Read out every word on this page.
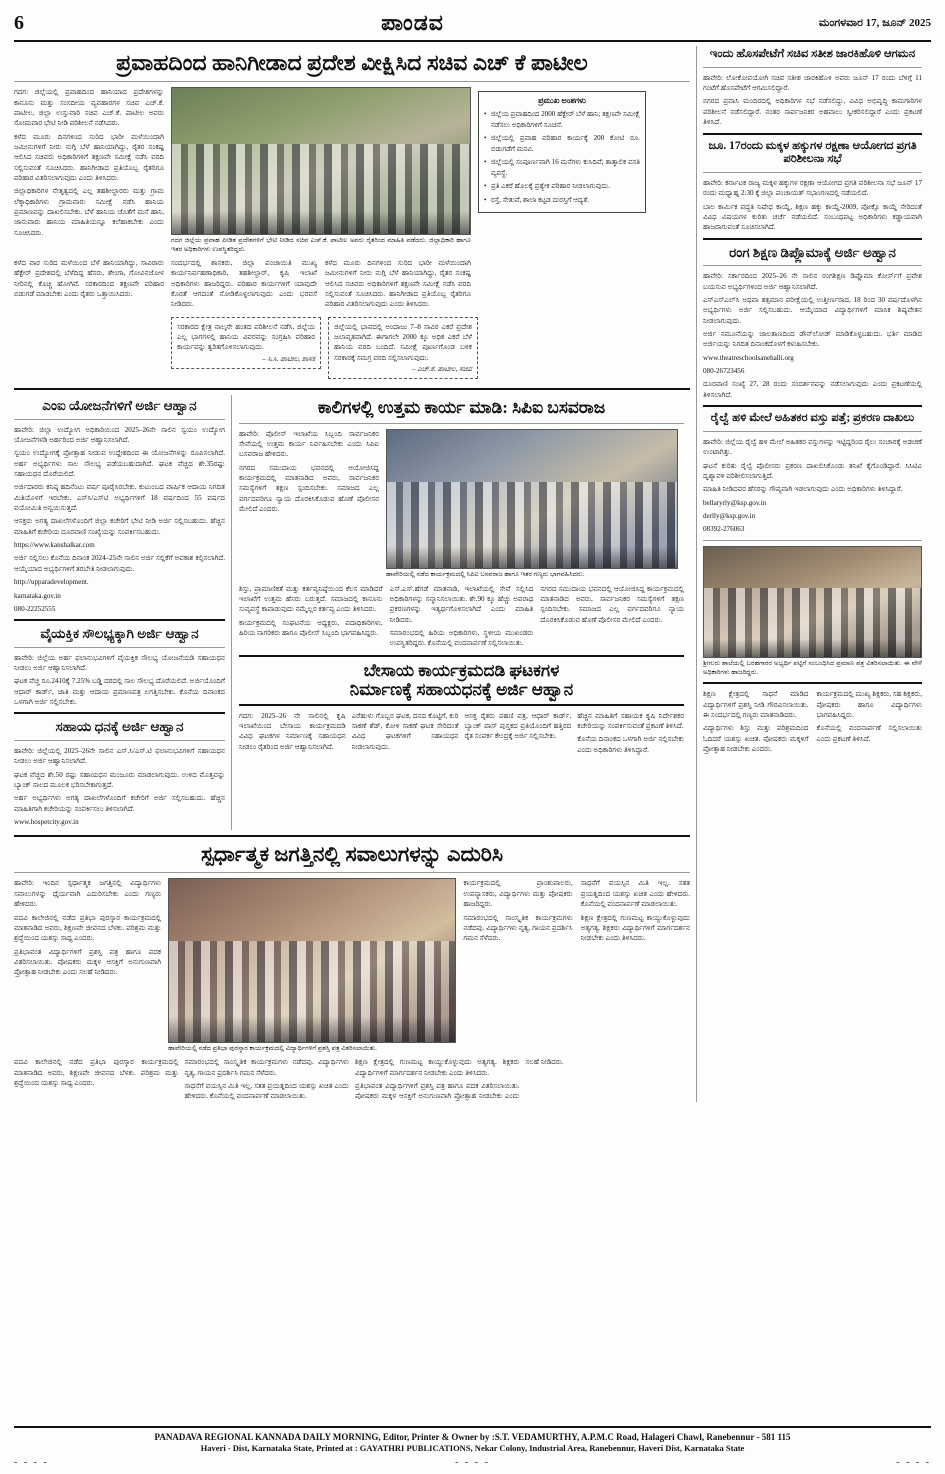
6	ಪಾಂಡವ	ಮಂಗಳವಾರ 17, ಜೂನ್ 2025
ಪ್ರವಾಹದಿಂದ ಹಾನಿಗೀಡಾದ ಪ್ರದೇಶ ವೀಕ್ಷಿಸಿದ ಸಚಿವ ಎಚ್ ಕೆ ಪಾಟೀಲ

ಗದಗ: ಜಿಲ್ಲೆಯಲ್ಲಿ ಪ್ರವಾಹದಿಂದ ಹಾನಿಯಾದ ಪ್ರದೇಶಗಳನ್ನು ಕಾನೂನು ಮತ್ತು ಸಂಸದೀಯ ವ್ಯವಹಾರಗಳ ಸಚಿವ ಎಚ್.ಕೆ. ಪಾಟೀಲ, ಜಿಲ್ಲಾ ಉಸ್ತುವಾರಿ ಸಚಿವ ಎಚ್.ಕೆ. ಪಾಟೀಲ ಅವರು ಸೋಮವಾರ ಭೇಟಿ ನೀಡಿ ಪರಿಶೀಲನೆ ನಡೆಸಿದರು.

ಕಳೆದ ಮೂರು ದಿನಗಳಿಂದ ಸುರಿದ ಭಾರೀ ಮಳೆಯಿಂದಾಗಿ ಜಮೀನುಗಳಿಗೆ ನೀರು ನುಗ್ಗಿ ಬೆಳೆ ಹಾನಿಯಾಗಿದ್ದು, ರೈತರ ಸಂಕಷ್ಟ ಆಲಿಸಿದ ಸಚಿವರು ಅಧಿಕಾರಿಗಳಿಗೆ ತಕ್ಷಣವೇ ಸಮೀಕ್ಷೆ ನಡೆಸಿ ವರದಿ ಸಲ್ಲಿಸುವಂತೆ ಸೂಚಿಸಿದರು. ಹಾನಿಗೀಡಾದ ಪ್ರತಿಯೊಬ್ಬ ರೈತರಿಗೂ ಪರಿಹಾರ ವಿತರಿಸಲಾಗುವುದು ಎಂದು ತಿಳಿಸಿದರು.

ಜಿಲ್ಲಾಧಿಕಾರಿಗಳ ನೇತೃತ್ವದಲ್ಲಿ ಎಲ್ಲ ತಹಶೀಲ್ದಾರರು ಮತ್ತು ಗ್ರಾಮ ಲೆಕ್ಕಾಧಿಕಾರಿಗಳು ಗ್ರಾಮವಾರು ಸಮೀಕ್ಷೆ ನಡೆಸಿ ಹಾನಿಯ ಪ್ರಮಾಣವನ್ನು ದಾಖಲಿಸಬೇಕು. ಬೆಳೆ ಹಾನಿಯ ಜೊತೆಗೆ ಮನೆ ಹಾನಿ, ಜಾನುವಾರು ಹಾನಿಯ ಮಾಹಿತಿಯನ್ನೂ ಕಲೆಹಾಕಬೇಕು ಎಂದು ಸೂಚಿಸಿದರು.

ಗದಗ ಜಿಲ್ಲೆಯ ಪ್ರವಾಹ ಪೀಡಿತ ಪ್ರದೇಶಗಳಿಗೆ ಭೇಟಿ ನೀಡಿದ ಸಚಿವ ಎಚ್.ಕೆ. ಪಾಟೀಲ ಅವರು ರೈತರಿಂದ ಮಾಹಿತಿ ಪಡೆದರು. ಜಿಲ್ಲಾಧಿಕಾರಿ ಹಾಗೂ ಇತರ ಅಧಿಕಾರಿಗಳು ಉಪಸ್ಥಿತರಿದ್ದರು.
ಪ್ರಮುಖ ಅಂಶಗಳು
• ಜಿಲ್ಲೆಯ ಪ್ರವಾಹದಿಂದ 2000 ಹೆಕ್ಟೇರ್ ಬೆಳೆ ಹಾನಿ; ತಕ್ಷಣವೇ ಸಮೀಕ್ಷೆ ನಡೆಸಲು ಅಧಿಕಾರಿಗಳಿಗೆ ಸೂಚನೆ.
• ಜಿಲ್ಲೆಯಲ್ಲಿ ಪ್ರವಾಹ ಪರಿಹಾರ ಕಾರ್ಯಕ್ಕೆ 200 ಕೋಟಿ ರೂ. ಬಿಡುಗಡೆಗೆ ಮನವಿ.
• ಜಿಲ್ಲೆಯಲ್ಲಿ ಸಂಪೂರ್ಣವಾಗಿ 16 ಮನೆಗಳು ಕುಸಿದಿವೆ; ತಾತ್ಕಾಲಿಕ ವಸತಿ ವ್ಯವಸ್ಥೆ.
• ಪ್ರತಿ ಎಕರೆ ಹೊಲಕ್ಕೆ ಪ್ರತ್ಯೇಕ ಪರಿಹಾರ ನೀಡಲಾಗುವುದು.
• ರಸ್ತೆ, ಸೇತುವೆ, ಶಾಲಾ ಕಟ್ಟಡ ದುರಸ್ತಿಗೆ ಆದ್ಯತೆ.

ಕಳೆದ ವಾರ ಸುರಿದ ಮಳೆಯಿಂದ ಬೆಳೆ ಹಾನಿಯಾಗಿದ್ದು, ಸಾವಿರಾರು ಹೆಕ್ಟೇರ್ ಪ್ರದೇಶದಲ್ಲಿ ಬೆಳೆದಿದ್ದ ಹೆಸರು, ಶೇಂಗಾ, ಗೋವಿನಜೋಳ ನೀರಿನಲ್ಲಿ ಕೊಚ್ಚಿ ಹೋಗಿವೆ. ಸರಕಾರದಿಂದ ತಕ್ಷಣವೇ ಪರಿಹಾರ ಬಿಡುಗಡೆ ಮಾಡಬೇಕು ಎಂದು ರೈತರು ಒತ್ತಾಯಿಸಿದರು.

ಸಂದರ್ಭದಲ್ಲಿ ಶಾಸಕರು, ಜಿಲ್ಲಾ ಪಂಚಾಯಿತಿ ಮುಖ್ಯ ಕಾರ್ಯನಿರ್ವಹಣಾಧಿಕಾರಿ, ತಹಶೀಲ್ದಾರ್, ಕೃಷಿ ಇಲಾಖೆ ಅಧಿಕಾರಿಗಳು ಹಾಜರಿದ್ದರು. ಪರಿಹಾರ ಕಾರ್ಯಗಳಿಗೆ ಯಾವುದೇ ಕೊರತೆ ಆಗದಂತೆ ನೋಡಿಕೊಳ್ಳಲಾಗುವುದು ಎಂದು ಭರವಸೆ ನೀಡಿದರು.

ಕಳೆದ ಮೂರು ದಿನಗಳಿಂದ ಸುರಿದ ಭಾರೀ ಮಳೆಯಿಂದಾಗಿ ಜಮೀನುಗಳಿಗೆ ನೀರು ನುಗ್ಗಿ ಬೆಳೆ ಹಾನಿಯಾಗಿದ್ದು, ರೈತರ ಸಂಕಷ್ಟ ಆಲಿಸಿದ ಸಚಿವರು ಅಧಿಕಾರಿಗಳಿಗೆ ತಕ್ಷಣವೇ ಸಮೀಕ್ಷೆ ನಡೆಸಿ ವರದಿ ಸಲ್ಲಿಸುವಂತೆ ಸೂಚಿಸಿದರು. ಹಾನಿಗೀಡಾದ ಪ್ರತಿಯೊಬ್ಬ ರೈತರಿಗೂ ಪರಿಹಾರ ವಿತರಿಸಲಾಗುವುದು ಎಂದು ತಿಳಿಸಿದರು.

ಸರಕಾರದ ಕ್ಷೇತ್ರ ನಾಲ್ಕನೇ ಹಂತದ ಪರಿಶೀಲನೆ ನಡೆಸಿ, ಜಿಲ್ಲೆಯ ಎಲ್ಲ ಭಾಗಗಳಲ್ಲಿ ಹಾನಿಯ ವಿವರವನ್ನು ಸಂಗ್ರಹಿಸಿ ಪರಿಹಾರ ಕಾರ್ಯವನ್ನು ತ್ವರಿತಗೊಳಿಸಲಾಗುವುದು.
– ಸಿ.ಸಿ. ಪಾಟೀಲ, ಶಾಸಕ
ಜಿಲ್ಲೆಯಲ್ಲಿ ಭಾವದಲ್ಲಿ ಅಂದಾಜು 7–8 ಸಾವಿರ ಎಕರೆ ಪ್ರದೇಶ ಜಲಾವೃತವಾಗಿದೆ. ಈಗಾಗಲೇ 2000 ಕ್ಕೂ ಅಧಿಕ ಎಕರೆ ಬೆಳೆ ಹಾನಿಯ ವರದಿ ಬಂದಿದೆ. ಸಮೀಕ್ಷೆ ಪೂರ್ಣಗೊಂಡ ಬಳಿಕ ಸರಕಾರಕ್ಕೆ ಸಮಗ್ರ ವರದಿ ಸಲ್ಲಿಸಲಾಗುವುದು.
– ಎಚ್.ಕೆ. ಪಾಟೀಲ, ಸಚಿವ
ಎಂಐ ಯೋಜನೆಗಳಿಗೆ ಅರ್ಜಿ ಆಹ್ವಾನ

ಹಾವೇರಿ: ಜಿಲ್ಲಾ ಉದ್ಯೋಗ ಅಧಿಕಾರಿಯಿಂದ 2025–26ನೇ ಸಾಲಿನ ಸ್ವಯಂ ಉದ್ಯೋಗ ಯೋಜನೆಗಳಡಿ ಅರ್ಹರಿಂದ ಅರ್ಜಿ ಆಹ್ವಾನಿಸಲಾಗಿದೆ.

ಸ್ವಯಂ ಉದ್ಯೋಗಕ್ಕೆ ಪ್ರೋತ್ಸಾಹ ನೀಡುವ ಉದ್ದೇಶದಿಂದ ಈ ಯೋಜನೆಗಳನ್ನು ರೂಪಿಸಲಾಗಿದೆ. ಅರ್ಹ ಅಭ್ಯರ್ಥಿಗಳು ಸಾಲ ಸೌಲಭ್ಯ ಪಡೆಯಬಹುದಾಗಿದೆ. ಘಟಕ ವೆಚ್ಚದ ಶೇ.35ರಷ್ಟು ಸಹಾಯಧನ ದೊರೆಯಲಿದೆ.

ಅರ್ಜಿದಾರರು ಕನಿಷ್ಠ ಹದಿನೆಂಟು ವರ್ಷ ಪೂರೈಸಿರಬೇಕು. ಕುಟುಂಬದ ವಾರ್ಷಿಕ ಆದಾಯ ನಿಗದಿತ ಮಿತಿಯೊಳಗೆ ಇರಬೇಕು. ಎಸ್‌ಸಿ/ಎಸ್‌ಟಿ ಅಭ್ಯರ್ಥಿಗಳಿಗೆ 18 ವರ್ಷದಿಂದ 55 ವರ್ಷದ ವಯೋಮಿತಿ ಅನ್ವಯಿಸುತ್ತದೆ.

ಆಸಕ್ತರು ಅಗತ್ಯ ದಾಖಲೆಗಳೊಂದಿಗೆ ಜಿಲ್ಲಾ ಕಚೇರಿಗೆ ಭೇಟಿ ನೀಡಿ ಅರ್ಜಿ ಸಲ್ಲಿಸಬಹುದು. ಹೆಚ್ಚಿನ ಮಾಹಿತಿಗೆ ಕಚೇರಿಯ ದೂರವಾಣಿ ಸಂಖ್ಯೆಯನ್ನು ಸಂಪರ್ಕಿಸಬಹುದು.

https://www.kanshalkar.com

ಅರ್ಜಿ ಸಲ್ಲಿಸಲು ಕೊನೆಯ ದಿನಾಂಕ 2024–25ನೇ ಸಾಲಿನ ಅರ್ಜಿ ಸಲ್ಲಿಕೆಗೆ ಅವಕಾಶ ಕಲ್ಪಿಸಲಾಗಿದೆ. ಆಯ್ಕೆಯಾದ ಅಭ್ಯರ್ಥಿಗಳಿಗೆ ತರಬೇತಿ ನೀಡಲಾಗುವುದು.

http://upparadevelopment.

karnataka.gov.in

080-22252555

ವೈಯಕ್ತಿಕ ಸೌಲಭ್ಯಕ್ಕಾಗಿ ಅರ್ಜಿ ಆಹ್ವಾನ

ಹಾವೇರಿ: ಜಿಲ್ಲೆಯ ಅರ್ಹ ಫಲಾನುಭವಿಗಳಿಗೆ ವೈಯಕ್ತಿಕ ಸೌಲಭ್ಯ ಯೋಜನೆಯಡಿ ಸಹಾಯಧನ ನೀಡಲು ಅರ್ಜಿ ಆಹ್ವಾನಿಸಲಾಗಿದೆ.

ಘಟಕ ವೆಚ್ಚ ರೂ.2410ಕ್ಕೆ 7.25% ಬಡ್ಡಿ ದರದಲ್ಲಿ ಸಾಲ ಸೌಲಭ್ಯ ದೊರೆಯಲಿದೆ. ಅರ್ಜಿಯೊಂದಿಗೆ ಆಧಾರ್ ಕಾರ್ಡ್, ಜಾತಿ ಮತ್ತು ಆದಾಯ ಪ್ರಮಾಣಪತ್ರ ಲಗತ್ತಿಸಬೇಕು. ಕೊನೆಯ ದಿನಾಂಕದ ಒಳಗಾಗಿ ಅರ್ಜಿ ಸಲ್ಲಿಸಬೇಕು.

ಸಹಾಯ ಧನಕ್ಕೆ ಅರ್ಜಿ ಆಹ್ವಾನ

ಹಾವೇರಿ: ಜಿಲ್ಲೆಯಲ್ಲಿ 2025–26ನೇ ಸಾಲಿನ ಎಸ್‌.ಸಿ/ಎಸ್‌.ಟಿ ಫಲಾನುಭವಿಗಳಿಗೆ ಸಹಾಯಧನ ನೀಡಲು ಅರ್ಜಿ ಆಹ್ವಾನಿಸಲಾಗಿದೆ.

ಘಟಕ ವೆಚ್ಚದ ಶೇ.50 ರಷ್ಟು ಸಹಾಯಧನ ಮಂಜೂರು ಮಾಡಲಾಗುವುದು. ಉಳಿದ ಮೊತ್ತವನ್ನು ಬ್ಯಾಂಕ್ ಸಾಲದ ಮೂಲಕ ಭರಿಸಬೇಕಾಗುತ್ತದೆ.

ಅರ್ಹ ಅಭ್ಯರ್ಥಿಗಳು ಅಗತ್ಯ ದಾಖಲೆಗಳೊಂದಿಗೆ ಕಚೇರಿಗೆ ಅರ್ಜಿ ಸಲ್ಲಿಸಬಹುದು. ಹೆಚ್ಚಿನ ಮಾಹಿತಿಗಾಗಿ ಕಚೇರಿಯನ್ನು ಸಂಪರ್ಕಿಸಲು ತಿಳಿಸಲಾಗಿದೆ.

www.hospetcity.gov.in

ಕಾಲಿಗಳಲ್ಲಿ ಉತ್ತಮ ಕಾರ್ಯ ಮಾಡಿ: ಸಿಪಿಐ ಬಸವರಾಜ

ಹಾವೇರಿ: ಪೊಲೀಸ್ ಇಲಾಖೆಯ ಸಿಬ್ಬಂದಿ ಸಾರ್ವಜನಿಕರ ಸೇವೆಯಲ್ಲಿ ಉತ್ತಮ ಕಾರ್ಯ ನಿರ್ವಹಿಸಬೇಕು ಎಂದು ಸಿಪಿಐ ಬಸವರಾಜ ಹೇಳಿದರು.

ನಗರದ ಸಮುದಾಯ ಭವನದಲ್ಲಿ ಆಯೋಜಿಸಿದ್ದ ಕಾರ್ಯಕ್ರಮದಲ್ಲಿ ಮಾತನಾಡಿದ ಅವರು, ಸಾರ್ವಜನಿಕರ ಸಮಸ್ಯೆಗಳಿಗೆ ತಕ್ಷಣ ಸ್ಪಂದಿಸಬೇಕು. ಸಮಾಜದ ಎಲ್ಲ ವರ್ಗದವರಿಗೂ ನ್ಯಾಯ ದೊರಕಿಸಿಕೊಡುವ ಹೊಣೆ ಪೊಲೀಸರ ಮೇಲಿದೆ ಎಂದರು.

ಹಾವೇರಿಯಲ್ಲಿ ನಡೆದ ಕಾರ್ಯಕ್ರಮದಲ್ಲಿ ಸಿಪಿಐ ಬಸವರಾಜ ಹಾಗೂ ಇತರ ಗಣ್ಯರು ಭಾಗವಹಿಸಿದರು.

ಶಿಸ್ತು, ಪ್ರಾಮಾಣಿಕತೆ ಮತ್ತು ಕರ್ತವ್ಯನಿಷ್ಠೆಯಿಂದ ಕೆಲಸ ಮಾಡಿದರೆ ಇಲಾಖೆಗೆ ಉತ್ತಮ ಹೆಸರು ಬರುತ್ತದೆ. ಸಮಾಜದಲ್ಲಿ ಕಾನೂನು ಸುವ್ಯವಸ್ಥೆ ಕಾಪಾಡುವುದು ನಮ್ಮೆಲ್ಲರ ಕರ್ತವ್ಯ ಎಂದು ತಿಳಿಸಿದರು.

ಕಾರ್ಯಕ್ರಮದಲ್ಲಿ ಸಂಘಟನೆಯ ಅಧ್ಯಕ್ಷರು, ಪದಾಧಿಕಾರಿಗಳು, ಹಿರಿಯ ನಾಗರಿಕರು ಹಾಗೂ ಪೊಲೀಸ್ ಸಿಬ್ಬಂದಿ ಭಾಗವಹಿಸಿದ್ದರು.

ಎಸ್‌.ಎಸ್.ಹೆಗಡೆ ಮಾತನಾಡಿ, ಇಲಾಖೆಯಲ್ಲಿ ಸೇವೆ ಸಲ್ಲಿಸಿದ ಅಧಿಕಾರಿಗಳನ್ನು ಸನ್ಮಾನಿಸಲಾಯಿತು. ಶೇ.90 ಕ್ಕೂ ಹೆಚ್ಚು ಅಪರಾಧ ಪ್ರಕರಣಗಳನ್ನು ಇತ್ಯರ್ಥಗೊಳಿಸಲಾಗಿದೆ ಎಂದು ಮಾಹಿತಿ ನೀಡಿದರು.

ಸಮಾರಂಭದಲ್ಲಿ ಹಿರಿಯ ಅಧಿಕಾರಿಗಳು, ಸ್ಥಳೀಯ ಮುಖಂಡರು ಉಪಸ್ಥಿತರಿದ್ದರು. ಕೊನೆಯಲ್ಲಿ ವಂದನಾರ್ಪಣೆ ಸಲ್ಲಿಸಲಾಯಿತು.

ನಗರದ ಸಮುದಾಯ ಭವನದಲ್ಲಿ ಆಯೋಜಿಸಿದ್ದ ಕಾರ್ಯಕ್ರಮದಲ್ಲಿ ಮಾತನಾಡಿದ ಅವರು, ಸಾರ್ವಜನಿಕರ ಸಮಸ್ಯೆಗಳಿಗೆ ತಕ್ಷಣ ಸ್ಪಂದಿಸಬೇಕು. ಸಮಾಜದ ಎಲ್ಲ ವರ್ಗದವರಿಗೂ ನ್ಯಾಯ ದೊರಕಿಸಿಕೊಡುವ ಹೊಣೆ ಪೊಲೀಸರ ಮೇಲಿದೆ ಎಂದರು.

ಬೇಸಾಯ ಕಾರ್ಯಕ್ರಮದಡಿ ಘಟಕಗಳ
ನಿರ್ಮಾಣಕ್ಕೆ ಸಹಾಯಧನಕ್ಕೆ ಅರ್ಜಿ ಆಹ್ವಾನ

ಗದಗ: 2025–26 ನೇ ಸಾಲಿನಲ್ಲಿ ಕೃಷಿ ಇಲಾಖೆಯಿಂದ ಬೇಸಾಯ ಕಾರ್ಯಕ್ರಮದಡಿ ವಿವಿಧ ಘಟಕಗಳ ನಿರ್ಮಾಣಕ್ಕೆ ಸಹಾಯಧನ ನೀಡಲು ರೈತರಿಂದ ಅರ್ಜಿ ಆಹ್ವಾನಿಸಲಾಗಿದೆ.

ಎರೆಹುಳು ಗೊಬ್ಬರ ಘಟಕ, ದನದ ಕೊಟ್ಟಿಗೆ, ಕುರಿ ಸಾಕಣೆ ಶೆಡ್, ಕೋಳಿ ಸಾಕಣೆ ಘಟಕ ಸೇರಿದಂತೆ ವಿವಿಧ ಘಟಕಗಳಿಗೆ ಸಹಾಯಧನ ನೀಡಲಾಗುವುದು.

ಆಸಕ್ತ ರೈತರು ಪಹಣಿ ಪತ್ರ, ಆಧಾರ್ ಕಾರ್ಡ್, ಬ್ಯಾಂಕ್ ಪಾಸ್ ಪುಸ್ತಕದ ಪ್ರತಿಯೊಂದಿಗೆ ಹತ್ತಿರದ ರೈತ ಸಂಪರ್ಕ ಕೇಂದ್ರಕ್ಕೆ ಅರ್ಜಿ ಸಲ್ಲಿಸಬೇಕು.

ಹೆಚ್ಚಿನ ಮಾಹಿತಿಗೆ ಸಹಾಯಕ ಕೃಷಿ ನಿರ್ದೇಶಕರ ಕಚೇರಿಯನ್ನು ಸಂಪರ್ಕಿಸುವಂತೆ ಪ್ರಕಟಣೆ ತಿಳಿಸಿದೆ.

ಕೊನೆಯ ದಿನಾಂಕದ ಒಳಗಾಗಿ ಅರ್ಜಿ ಸಲ್ಲಿಸಬೇಕು ಎಂದು ಅಧಿಕಾರಿಗಳು ತಿಳಿಸಿದ್ದಾರೆ.

ಸ್ಪರ್ಧಾತ್ಮಕ ಜಗತ್ತಿನಲ್ಲಿ ಸವಾಲುಗಳನ್ನು ಎದುರಿಸಿ

ಹಾವೇರಿ: ಇಂದಿನ ಸ್ಪರ್ಧಾತ್ಮಕ ಜಗತ್ತಿನಲ್ಲಿ ವಿದ್ಯಾರ್ಥಿಗಳು ಸವಾಲುಗಳನ್ನು ಧೈರ್ಯವಾಗಿ ಎದುರಿಸಬೇಕು ಎಂದು ಗಣ್ಯರು ಹೇಳಿದರು.

ಪದವಿ ಕಾಲೇಜಿನಲ್ಲಿ ನಡೆದ ಪ್ರತಿಭಾ ಪುರಸ್ಕಾರ ಕಾರ್ಯಕ್ರಮದಲ್ಲಿ ಮಾತನಾಡಿದ ಅವರು, ಶಿಕ್ಷಣವೇ ಜೀವನದ ಬೆಳಕು. ಪರಿಶ್ರಮ ಮತ್ತು ಶ್ರದ್ಧೆಯಿಂದ ಯಶಸ್ಸು ಸಾಧ್ಯ ಎಂದರು.

ಪ್ರತಿಭಾವಂತ ವಿದ್ಯಾರ್ಥಿಗಳಿಗೆ ಪ್ರಶಸ್ತಿ ಪತ್ರ ಹಾಗೂ ಪದಕ ವಿತರಿಸಲಾಯಿತು. ಪೋಷಕರು ಮಕ್ಕಳ ಆಸಕ್ತಿಗೆ ಅನುಗುಣವಾಗಿ ಪ್ರೋತ್ಸಾಹ ನೀಡಬೇಕು ಎಂದು ಸಲಹೆ ನೀಡಿದರು.

ಹಾವೇರಿಯಲ್ಲಿ ನಡೆದ ಪ್ರತಿಭಾ ಪುರಸ್ಕಾರ ಕಾರ್ಯಕ್ರಮದಲ್ಲಿ ವಿದ್ಯಾರ್ಥಿಗಳಿಗೆ ಪ್ರಶಸ್ತಿ ಪತ್ರ ವಿತರಿಸಲಾಯಿತು.

ಕಾರ್ಯಕ್ರಮದಲ್ಲಿ ಪ್ರಾಂಶುಪಾಲರು, ಉಪನ್ಯಾಸಕರು, ವಿದ್ಯಾರ್ಥಿಗಳು ಮತ್ತು ಪೋಷಕರು ಹಾಜರಿದ್ದರು.

ಸಮಾರಂಭದಲ್ಲಿ ಸಾಂಸ್ಕೃತಿಕ ಕಾರ್ಯಕ್ರಮಗಳು ನಡೆದವು. ವಿದ್ಯಾರ್ಥಿಗಳು ನೃತ್ಯ, ಗಾಯನ ಪ್ರದರ್ಶಿಸಿ ಗಮನ ಸೆಳೆದರು.

ಸಾಧನೆಗೆ ವಯಸ್ಸಿನ ಮಿತಿ ಇಲ್ಲ. ಸತತ ಪ್ರಯತ್ನದಿಂದ ಯಶಸ್ಸು ಖಚಿತ ಎಂದು ಹೇಳಿದರು. ಕೊನೆಯಲ್ಲಿ ವಂದನಾರ್ಪಣೆ ಮಾಡಲಾಯಿತು.

ಶಿಕ್ಷಣ ಕ್ಷೇತ್ರದಲ್ಲಿ ಗುಣಮಟ್ಟ ಕಾಯ್ದುಕೊಳ್ಳುವುದು ಅತ್ಯಗತ್ಯ. ಶಿಕ್ಷಕರು ವಿದ್ಯಾರ್ಥಿಗಳಿಗೆ ಮಾರ್ಗದರ್ಶನ ನೀಡಬೇಕು ಎಂದು ತಿಳಿಸಿದರು.

ಪದವಿ ಕಾಲೇಜಿನಲ್ಲಿ ನಡೆದ ಪ್ರತಿಭಾ ಪುರಸ್ಕಾರ ಕಾರ್ಯಕ್ರಮದಲ್ಲಿ ಮಾತನಾಡಿದ ಅವರು, ಶಿಕ್ಷಣವೇ ಜೀವನದ ಬೆಳಕು. ಪರಿಶ್ರಮ ಮತ್ತು ಶ್ರದ್ಧೆಯಿಂದ ಯಶಸ್ಸು ಸಾಧ್ಯ ಎಂದರು.

ಸಮಾರಂಭದಲ್ಲಿ ಸಾಂಸ್ಕೃತಿಕ ಕಾರ್ಯಕ್ರಮಗಳು ನಡೆದವು. ವಿದ್ಯಾರ್ಥಿಗಳು ನೃತ್ಯ, ಗಾಯನ ಪ್ರದರ್ಶಿಸಿ ಗಮನ ಸೆಳೆದರು.

ಸಾಧನೆಗೆ ವಯಸ್ಸಿನ ಮಿತಿ ಇಲ್ಲ. ಸತತ ಪ್ರಯತ್ನದಿಂದ ಯಶಸ್ಸು ಖಚಿತ ಎಂದು ಹೇಳಿದರು. ಕೊನೆಯಲ್ಲಿ ವಂದನಾರ್ಪಣೆ ಮಾಡಲಾಯಿತು.

ಶಿಕ್ಷಣ ಕ್ಷೇತ್ರದಲ್ಲಿ ಗುಣಮಟ್ಟ ಕಾಯ್ದುಕೊಳ್ಳುವುದು ಅತ್ಯಗತ್ಯ. ಶಿಕ್ಷಕರು ವಿದ್ಯಾರ್ಥಿಗಳಿಗೆ ಮಾರ್ಗದರ್ಶನ ನೀಡಬೇಕು ಎಂದು ತಿಳಿಸಿದರು.

ಪ್ರತಿಭಾವಂತ ವಿದ್ಯಾರ್ಥಿಗಳಿಗೆ ಪ್ರಶಸ್ತಿ ಪತ್ರ ಹಾಗೂ ಪದಕ ವಿತರಿಸಲಾಯಿತು. ಪೋಷಕರು ಮಕ್ಕಳ ಆಸಕ್ತಿಗೆ ಅನುಗುಣವಾಗಿ ಪ್ರೋತ್ಸಾಹ ನೀಡಬೇಕು ಎಂದು ಸಲಹೆ ನೀಡಿದರು.

ಇಂದು ಹೊಸಪೇಟೆಗೆ ಸಚಿವ ಸತೀಶ ಜಾರಕಿಹೊಳಿ ಆಗಮನ

ಹಾವೇರಿ: ಲೋಕೋಪಯೋಗಿ ಸಚಿವ ಸತೀಶ ಜಾರಕಿಹೊಳಿ ಅವರು ಜೂನ್ 17 ರಂದು ಬೆಳಿಗ್ಗೆ 11 ಗಂಟೆಗೆ ಹೊಸಪೇಟೆಗೆ ಆಗಮಿಸಲಿದ್ದಾರೆ.

ನಗರದ ಪ್ರವಾಸಿ ಮಂದಿರದಲ್ಲಿ ಅಧಿಕಾರಿಗಳ ಸಭೆ ನಡೆಸಲಿದ್ದು, ವಿವಿಧ ಅಭಿವೃದ್ಧಿ ಕಾಮಗಾರಿಗಳ ಪರಿಶೀಲನೆ ನಡೆಸಲಿದ್ದಾರೆ. ನಂತರ ಸಾರ್ವಜನಿಕರ ಅಹವಾಲು ಸ್ವೀಕರಿಸಲಿದ್ದಾರೆ ಎಂದು ಪ್ರಕಟಣೆ ತಿಳಿಸಿದೆ.

ಜೂ. 17ರಂದು ಮಕ್ಕಳ ಹಕ್ಕುಗಳ ರಕ್ಷಣಾ ಆಯೋಗದ ಪ್ರಗತಿ ಪರಿಶೀಲನಾ ಸಭೆ

ಹಾವೇರಿ: ಕರ್ನಾಟಕ ರಾಜ್ಯ ಮಕ್ಕಳ ಹಕ್ಕುಗಳ ರಕ್ಷಣಾ ಆಯೋಗದ ಪ್ರಗತಿ ಪರಿಶೀಲನಾ ಸಭೆ ಜೂನ್ 17 ರಂದು ಮಧ್ಯಾಹ್ನ 2:30 ಕ್ಕೆ ಜಿಲ್ಲಾ ಪಂಚಾಯತ್ ಸಭಾಂಗಣದಲ್ಲಿ ನಡೆಯಲಿದೆ.

ಬಾಲ ಕಾರ್ಮಿಕ ಪದ್ಧತಿ ನಿಷೇಧ ಕಾಯ್ದೆ, ಶಿಕ್ಷಣ ಹಕ್ಕು ಕಾಯ್ದೆ-2009, ಪೋಕ್ಸೊ ಕಾಯ್ದೆ ಸೇರಿದಂತೆ ವಿವಿಧ ವಿಷಯಗಳ ಕುರಿತು ಚರ್ಚೆ ನಡೆಯಲಿದೆ. ಸಂಬಂಧಪಟ್ಟ ಅಧಿಕಾರಿಗಳು ಕಡ್ಡಾಯವಾಗಿ ಹಾಜರಾಗುವಂತೆ ಸೂಚಿಸಲಾಗಿದೆ.

ರಂಗ ಶಿಕ್ಷಣ ಡಿಪ್ಲೊಮಾಕ್ಕೆ ಅರ್ಜಿ ಅಹ್ವಾನ

ಹಾವೇರಿ: ಸರ್ಕಾರದಿಂದ 2025–26 ನೇ ಸಾಲಿನ ರಂಗಶಿಕ್ಷಣ ಡಿಪ್ಲೊಮಾ ಕೋರ್ಸ್‌ಗೆ ಪ್ರವೇಶ ಬಯಸುವ ಅಭ್ಯರ್ಥಿಗಳಿಂದ ಅರ್ಜಿ ಆಹ್ವಾನಿಸಲಾಗಿದೆ.

ಎಸ್‌ಎಸ್‌ಎಲ್‌ಸಿ ಅಥವಾ ತತ್ಸಮಾನ ಪರೀಕ್ಷೆಯಲ್ಲಿ ಉತ್ತೀರ್ಣರಾದ, 18 ರಿಂದ 30 ವರ್ಷದೊಳಗಿನ ಅಭ್ಯರ್ಥಿಗಳು ಅರ್ಜಿ ಸಲ್ಲಿಸಬಹುದು. ಆಯ್ಕೆಯಾದ ವಿದ್ಯಾರ್ಥಿಗಳಿಗೆ ಮಾಸಿಕ ಶಿಷ್ಯವೇತನ ನೀಡಲಾಗುವುದು.

ಅರ್ಜಿ ನಮೂನೆಯನ್ನು ಜಾಲತಾಣದಿಂದ ಡೌನ್‌ಲೋಡ್ ಮಾಡಿಕೊಳ್ಳಬಹುದು. ಭರ್ತಿ ಮಾಡಿದ ಅರ್ಜಿಯನ್ನು ನಿಗದಿತ ದಿನಾಂಕದೊಳಗೆ ಕಳುಹಿಸಬೇಕು.

www.theatreschoolsanehalli.org

080-26723456

ದೂರವಾಣಿ ಸಂಖ್ಯೆ 27, 28 ರಂದು ಸಂದರ್ಶನವನ್ನು ನಡೆಸಲಾಗುವುದು ಎಂದು ಪ್ರಕಟಣೆಯಲ್ಲಿ ತಿಳಿಸಲಾಗಿದೆ.

ರೈಲ್ವೆ ಹಳಿ ಮೇಲೆ ಅಹಿತಕರ ವಸ್ತು ಪತ್ತೆ; ಪ್ರಕರಣ ದಾಖಲು

ಹಾವೇರಿ: ಜಿಲ್ಲೆಯ ರೈಲ್ವೆ ಹಳಿ ಮೇಲೆ ಅಹಿತಕರ ವಸ್ತುಗಳನ್ನು ಇಟ್ಟಿದ್ದರಿಂದ ರೈಲು ಸಂಚಾರಕ್ಕೆ ಅಡಚಣೆ ಉಂಟಾಗಿತ್ತು.

ಘಟನೆ ಕುರಿತು ರೈಲ್ವೆ ಪೊಲೀಸರು ಪ್ರಕರಣ ದಾಖಲಿಸಿಕೊಂಡು ತನಿಖೆ ಕೈಗೊಂಡಿದ್ದಾರೆ. ಸಿಸಿಟಿವಿ ದೃಶ್ಯಾವಳಿ ಪರಿಶೀಲಿಸಲಾಗುತ್ತಿದೆ.

ಮಾಹಿತಿ ನೀಡಿದವರ ಹೆಸರನ್ನು ಗೌಪ್ಯವಾಗಿ ಇಡಲಾಗುವುದು ಎಂದು ಅಧಿಕಾರಿಗಳು ತಿಳಿಸಿದ್ದಾರೆ.

bellaryrly@ksp.gov.in

derlly@ksp.gov.in

08392-276063

ಶ್ರೀಗುರು ಶಾಲೆಯಲ್ಲಿ ಬರಹಗಾರರ ಅಭ್ಯರ್ಥಿ ಪಟ್ಟಿಗೆ ಸಂಬಂಧಿಸಿದ ಪ್ರಮಾಣ ಪತ್ರ ವಿತರಿಸಲಾಯಿತು. ಈ ವೇಳೆ ಅಧಿಕಾರಿಗಳು ಹಾಜರಿದ್ದರು.

ಶಿಕ್ಷಣ ಕ್ಷೇತ್ರದಲ್ಲಿ ಸಾಧನೆ ಮಾಡಿದ ವಿದ್ಯಾರ್ಥಿಗಳಿಗೆ ಪ್ರಶಸ್ತಿ ನೀಡಿ ಗೌರವಿಸಲಾಯಿತು. ಈ ಸಂದರ್ಭದಲ್ಲಿ ಗಣ್ಯರು ಮಾತನಾಡಿದರು.

ವಿದ್ಯಾರ್ಥಿಗಳು ಶಿಸ್ತು ಮತ್ತು ಪರಿಶ್ರಮದಿಂದ ಓದಿದರೆ ಯಶಸ್ಸು ಖಚಿತ. ಪೋಷಕರು ಮಕ್ಕಳಿಗೆ ಪ್ರೋತ್ಸಾಹ ನೀಡಬೇಕು ಎಂದರು.

ಕಾರ್ಯಕ್ರಮದಲ್ಲಿ ಮುಖ್ಯ ಶಿಕ್ಷಕರು, ಸಹ ಶಿಕ್ಷಕರು, ಪೋಷಕರು ಹಾಗೂ ವಿದ್ಯಾರ್ಥಿಗಳು ಭಾಗವಹಿಸಿದ್ದರು.

ಕೊನೆಯಲ್ಲಿ ವಂದನಾರ್ಪಣೆ ಸಲ್ಲಿಸಲಾಯಿತು ಎಂದು ಪ್ರಕಟಣೆ ತಿಳಿಸಿದೆ.

PANADAVA REGIONAL KANNADA DAILY MORNING, Editor, Printer & Owner by :S.T. VEDAMURTHY, A.P.M.C Road, Halageri Chawl, Ranebennur - 581 115
Haveri - Dist, Karnataka State, Printed at : GAYATHRI PUBLICATIONS, Nekar Colony, Industrial Area, Ranebennur, Haveri Dist, Karnataka State
- - - -	- - - -	- - - -
